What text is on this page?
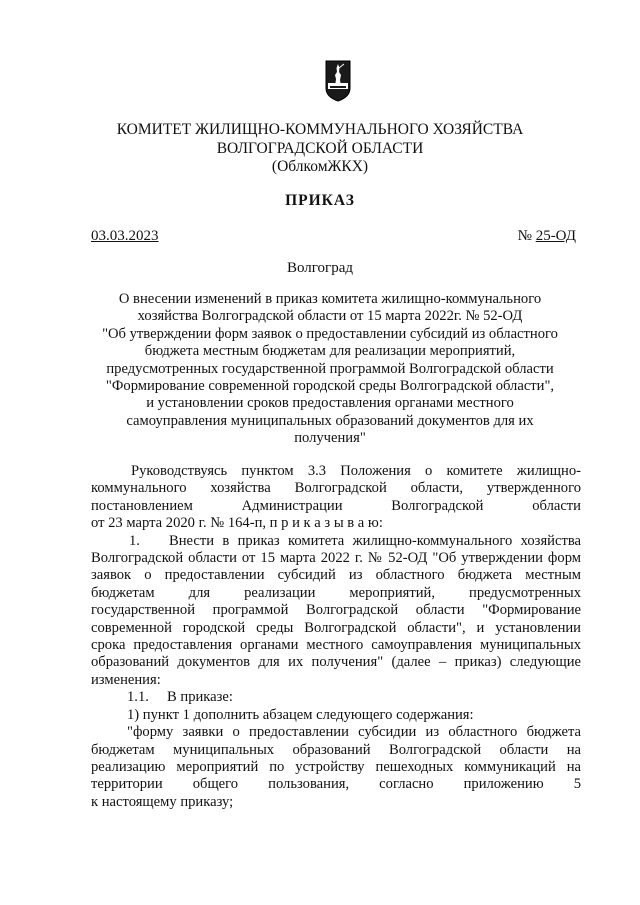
КОМИТЕТ ЖИЛИЩНО-КОММУНАЛЬНОГО ХОЗЯЙСТВА
ВОЛГОГРАДСКОЙ ОБЛАСТИ
(ОблкомЖКХ)
ПРИКАЗ
03.03.2023	№ 25-ОД
Волгоград
О внесении изменений в приказ комитета жилищно-коммунального
хозяйства Волгоградской области от 15 марта 2022г. № 52-ОД
"Об утверждении форм заявок о предоставлении субсидий из областного
бюджета местным бюджетам для реализации мероприятий,
предусмотренных государственной программой Волгоградской области
"Формирование современной городской среды Волгоградской области",
и установлении сроков предоставления органами местного
самоуправления муниципальных образований документов для их
получения"
Руководствуясь пунктом 3.3 Положения о комитете жилищно-
коммунального хозяйства Волгоградской области, утвержденного
постановлением Администрации Волгоградской области
от 23 марта 2020 г. № 164-п, п р и к а з ы в а ю:
1. Внести в приказ комитета жилищно-коммунального хозяйства
Волгоградской области от 15 марта 2022 г. № 52-ОД "Об утверждении форм
заявок о предоставлении субсидий из областного бюджета местным
бюджетам для реализации мероприятий, предусмотренных
государственной программой Волгоградской области "Формирование
современной городской среды Волгоградской области", и установлении
срока предоставления органами местного самоуправления муниципальных
образований документов для их получения" (далее – приказ) следующие
изменения:
1.1. В приказе:
1) пункт 1 дополнить абзацем следующего содержания:
"форму заявки о предоставлении субсидии из областного бюджета
бюджетам муниципальных образований Волгоградской области на
реализацию мероприятий по устройству пешеходных коммуникаций на
территории общего пользования, согласно приложению 5
к настоящему приказу;
